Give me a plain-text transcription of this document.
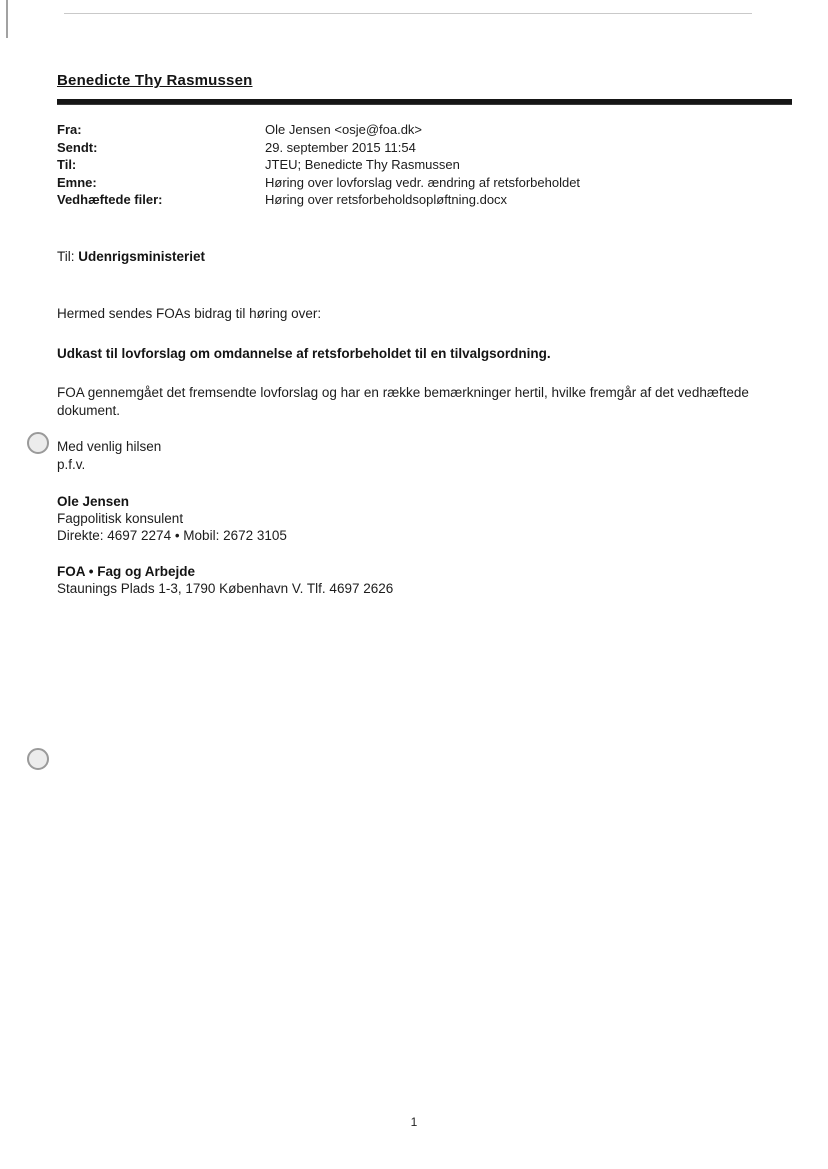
Benedicte Thy Rasmussen
Fra:	Ole Jensen <osje@foa.dk>
Sendt:	29. september 2015 11:54
Til:	JTEU; Benedicte Thy Rasmussen
Emne:	Høring over lovforslag vedr. ændring af retsforbeholdet
Vedhæftede filer:	Høring over retsforbeholdsopløftning.docx
Til: Udenrigsministeriet
Hermed sendes FOAs bidrag til høring over:
Udkast til lovforslag om omdannelse af retsforbeholdet til en tilvalgsordning.
FOA gennemgået det fremsendte lovforslag og har en række bemærkninger hertil, hvilke fremgår af det vedhæftede dokument.
Med venlig hilsen
p.f.v.
Ole Jensen
Fagpolitisk konsulent
Direkte: 4697 2274 • Mobil: 2672 3105
FOA • Fag og Arbejde
Staunings Plads 1-3, 1790 København V. Tlf. 4697 2626
1
